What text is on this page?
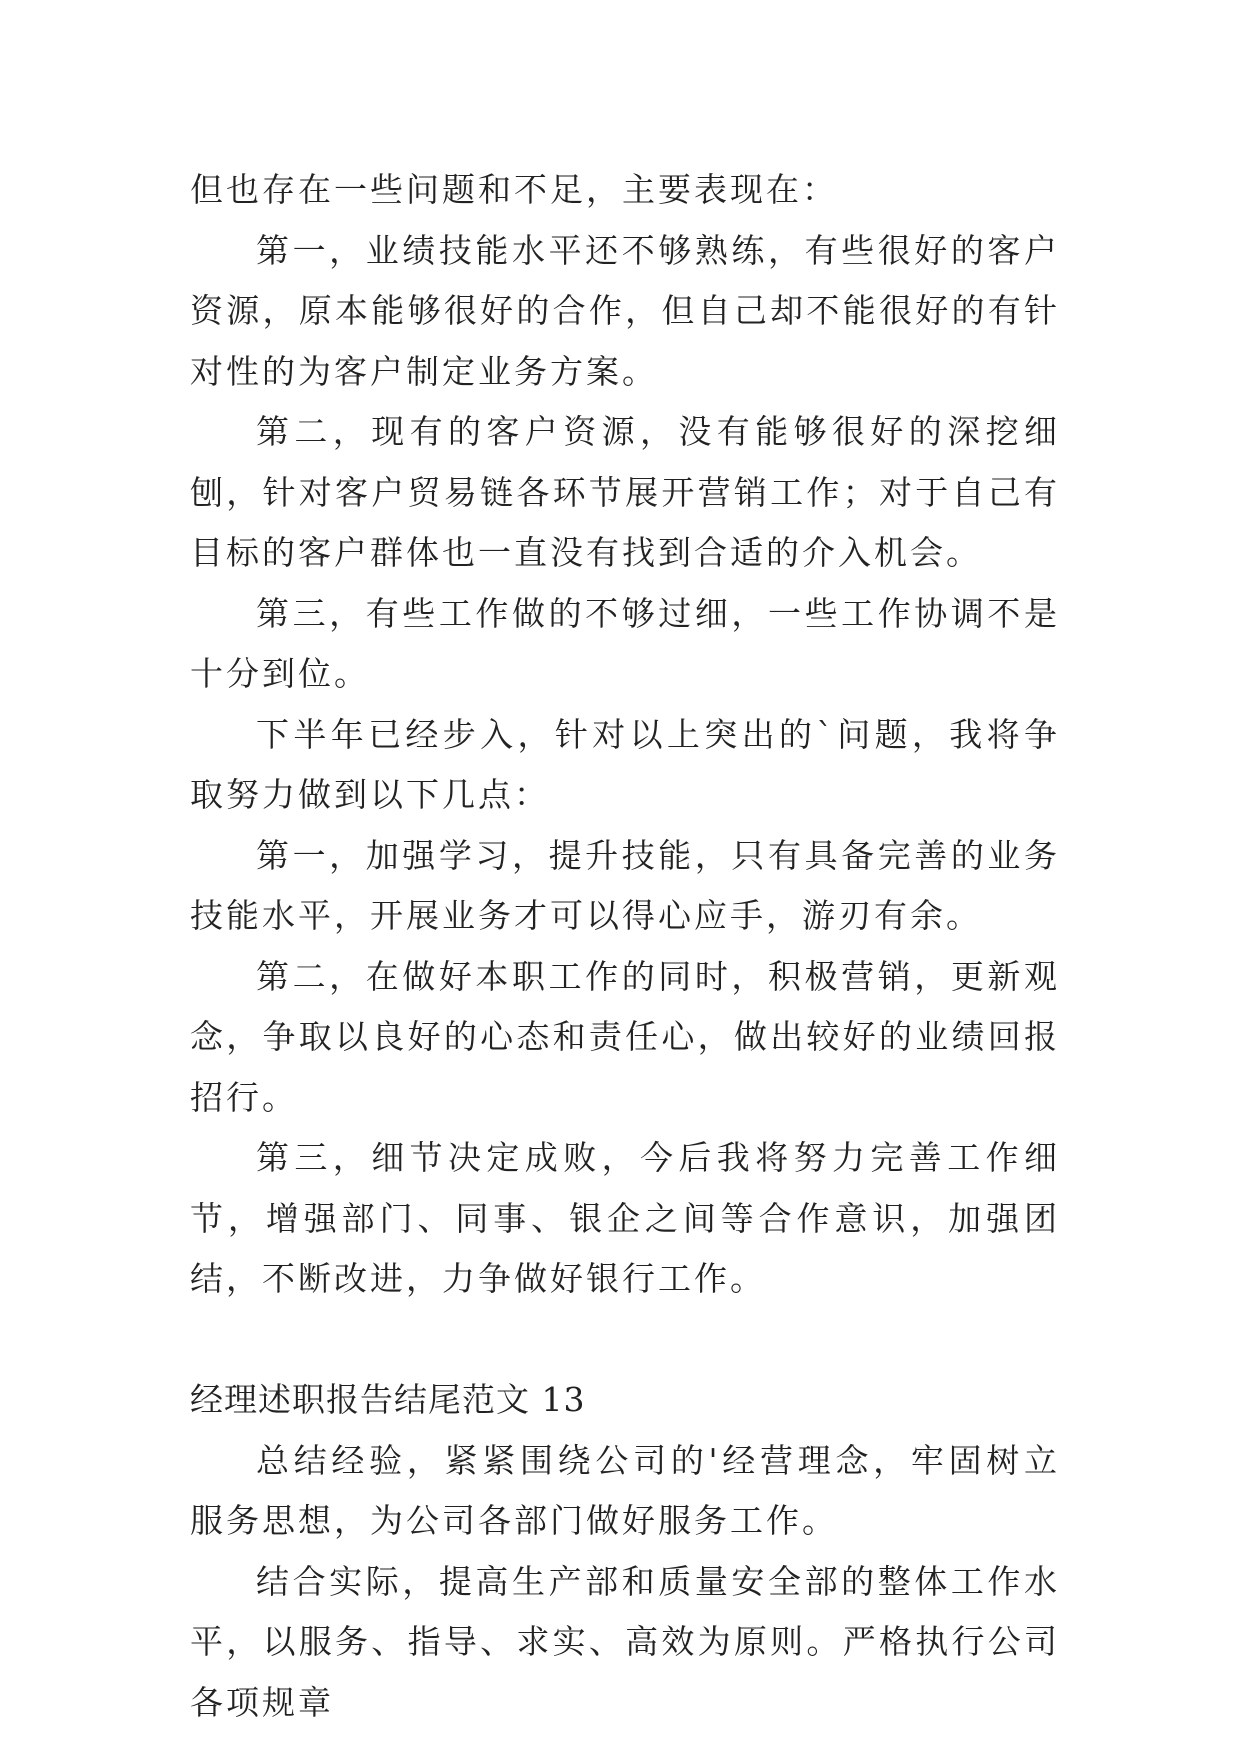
但也存在一些问题和不足，主要表现在：

第一，业绩技能水平还不够熟练，有些很好的客户资源，原本能够很好的合作，但自己却不能很好的有针对性的为客户制定业务方案。

第二，现有的客户资源，没有能够很好的深挖细刨，针对客户贸易链各环节展开营销工作；对于自己有目标的客户群体也一直没有找到合适的介入机会。

第三，有些工作做的不够过细，一些工作协调不是十分到位。

下半年已经步入，针对以上突出的`问题，我将争取努力做到以下几点：

第一，加强学习，提升技能，只有具备完善的业务技能水平，开展业务才可以得心应手，游刃有余。

第二，在做好本职工作的同时，积极营销，更新观念，争取以良好的心态和责任心，做出较好的业绩回报招行。

第三，细节决定成败，今后我将努力完善工作细节，增强部门、同事、银企之间等合作意识，加强团结，不断改进，力争做好银行工作。

经理述职报告结尾范文 13

总结经验，紧紧围绕公司的'经营理念，牢固树立服务思想，为公司各部门做好服务工作。

结合实际，提高生产部和质量安全部的整体工作水平，以服务、指导、求实、高效为原则。严格执行公司各项规章
